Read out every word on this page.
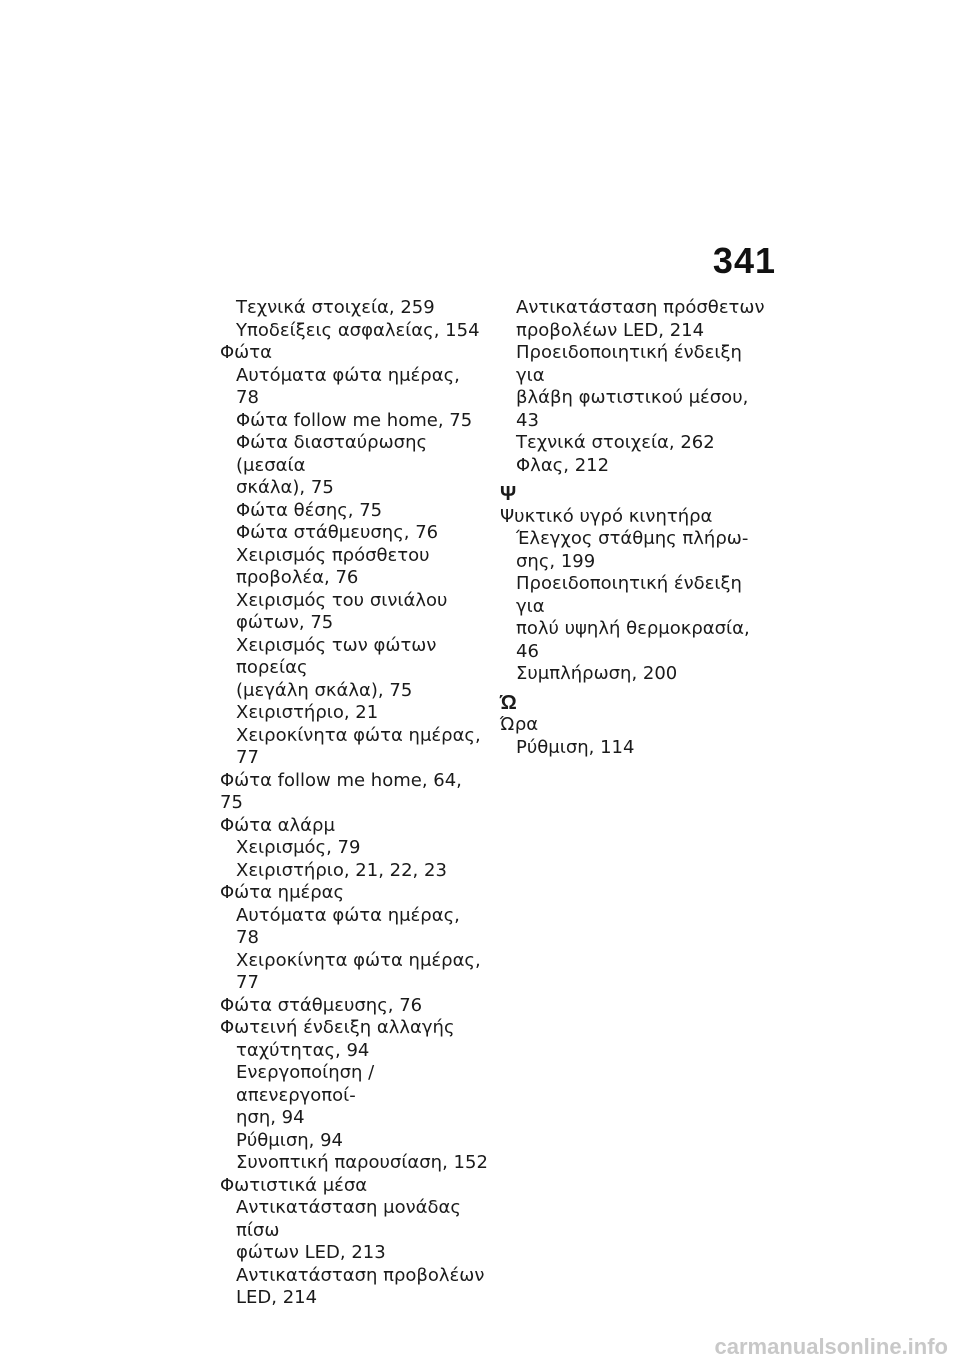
341
Τεχνικά στοιχεία, 259
Υποδείξεις ασφαλείας, 154
Φώτα
Αυτόματα φώτα ημέρας, 78
Φώτα follow me home, 75
Φώτα διασταύρωσης (μεσαία
σκάλα), 75
Φώτα θέσης, 75
Φώτα στάθμευσης, 76
Χειρισμός πρόσθετου
προβολέα, 76
Χειρισμός του σινιάλου
φώτων, 75
Χειρισμός των φώτων πορείας
(μεγάλη σκάλα), 75
Χειριστήριο, 21
Χειροκίνητα φώτα ημέρας, 77
Φώτα follow me home, 64, 75
Φώτα αλάρμ
Χειρισμός, 79
Χειριστήριο, 21, 22, 23
Φώτα ημέρας
Αυτόματα φώτα ημέρας, 78
Χειροκίνητα φώτα ημέρας, 77
Φώτα στάθμευσης, 76
Φωτεινή ένδειξη αλλαγής
ταχύτητας, 94
Ενεργοποίηση / απενεργοποί-
ηση, 94
Ρύθμιση, 94
Συνοπτική παρουσίαση, 152
Φωτιστικά μέσα
Αντικατάσταση μονάδας πίσω
φώτων LED, 213
Αντικατάσταση προβολέων
LED, 214
Αντικατάσταση πρόσθετων
προβολέων LED, 214
Προειδοποιητική ένδειξη για
βλάβη φωτιστικού μέσου, 43
Τεχνικά στοιχεία, 262
Φλας, 212
Ψ
Ψυκτικό υγρό κινητήρα
Έλεγχος στάθμης πλήρω-
σης, 199
Προειδοποιητική ένδειξη για
πολύ υψηλή θερμοκρασία, 46
Συμπλήρωση, 200
Ώ
Ώρα
Ρύθμιση, 114
carmanualsonline.info
